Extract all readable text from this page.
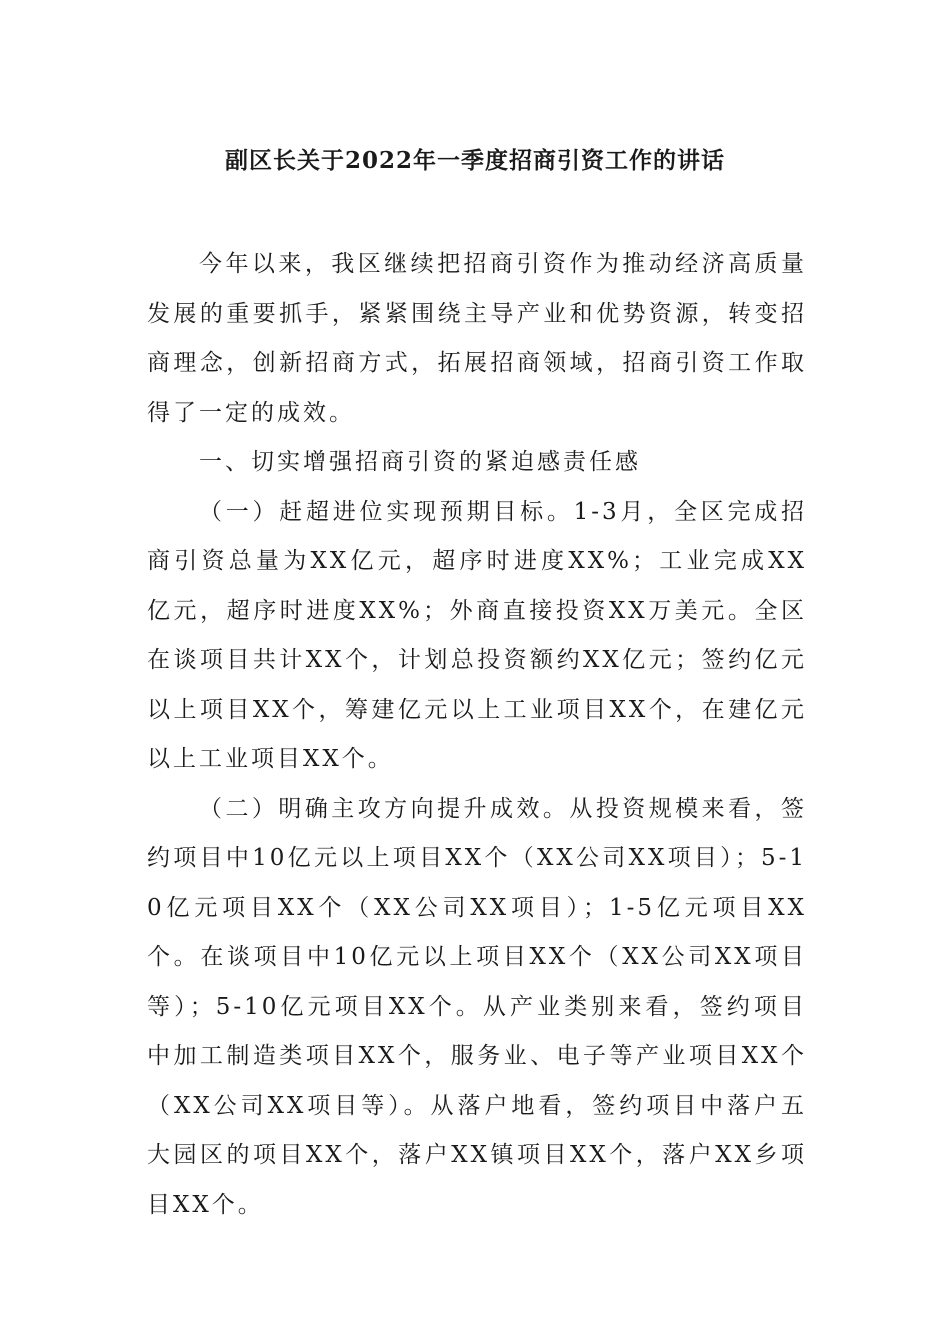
副区长关于2022年一季度招商引资工作的讲话

今年以来，我区继续把招商引资作为推动经济高质量发展的重要抓手，紧紧围绕主导产业和优势资源，转变招商理念，创新招商方式，拓展招商领域，招商引资工作取得了一定的成效。

一、切实增强招商引资的紧迫感责任感

（一）赶超进位实现预期目标。1-3月，全区完成招商引资总量为XX亿元，超序时进度XX%；工业完成XX亿元，超序时进度XX%；外商直接投资XX万美元。全区在谈项目共计XX个，计划总投资额约XX亿元；签约亿元以上项目XX个，筹建亿元以上工业项目XX个，在建亿元以上工业项目XX个。

（二）明确主攻方向提升成效。从投资规模来看，签约项目中10亿元以上项目XX个（XX公司XX项目）；5-10亿元项目XX个（XX公司XX项目）；1-5亿元项目XX个。在谈项目中10亿元以上项目XX个（XX公司XX项目等）；5-10亿元项目XX个。从产业类别来看，签约项目中加工制造类项目XX个，服务业、电子等产业项目XX个（XX公司XX项目等）。从落户地看，签约项目中落户五大园区的项目XX个，落户XX镇项目XX个，落户XX乡项目XX个。
